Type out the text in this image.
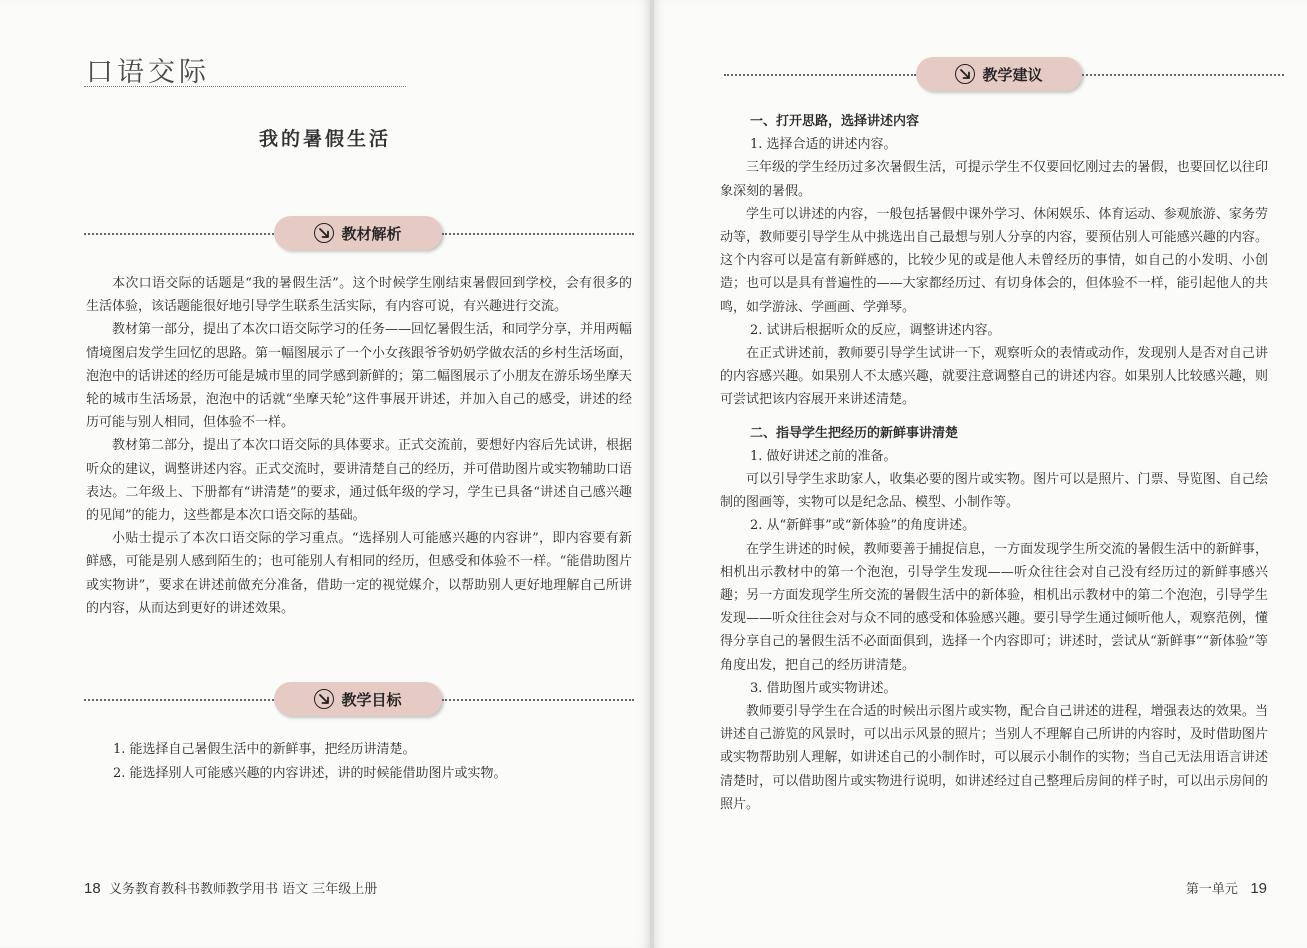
口语交际
我的暑假生活
教材解析

本次口语交际的话题是“我的暑假生活”。这个时候学生刚结束暑假回到学校，会有很多的生活体验，该话题能很好地引导学生联系生活实际，有内容可说，有兴趣进行交流。

教材第一部分，提出了本次口语交际学习的任务——回忆暑假生活，和同学分享，并用两幅情境图启发学生回忆的思路。第一幅图展示了一个小女孩跟爷爷奶奶学做农活的乡村生活场面，泡泡中的话讲述的经历可能是城市里的同学感到新鲜的；第二幅图展示了小朋友在游乐场坐摩天轮的城市生活场景，泡泡中的话就“坐摩天轮”这件事展开讲述，并加入自己的感受，讲述的经历可能与别人相同，但体验不一样。

教材第二部分，提出了本次口语交际的具体要求。正式交流前，要想好内容后先试讲，根据听众的建议，调整讲述内容。正式交流时，要讲清楚自己的经历，并可借助图片或实物辅助口语表达。二年级上、下册都有“讲清楚”的要求，通过低年级的学习，学生已具备“讲述自己感兴趣的见闻”的能力，这些都是本次口语交际的基础。

小贴士提示了本次口语交际的学习重点。“选择别人可能感兴趣的内容讲”，即内容要有新鲜感，可能是别人感到陌生的；也可能别人有相同的经历，但感受和体验不一样。“能借助图片或实物讲”，要求在讲述前做充分准备，借助一定的视觉媒介，以帮助别人更好地理解自己所讲的内容，从而达到更好的讲述效果。

教学目标

1. 能选择自己暑假生活中的新鲜事，把经历讲清楚。

2. 能选择别人可能感兴趣的内容讲述，讲的时候能借助图片或实物。

18 义务教育教科书教师教学用书 语文 三年级上册

教学建议

一、打开思路，选择讲述内容

1. 选择合适的讲述内容。

三年级的学生经历过多次暑假生活，可提示学生不仅要回忆刚过去的暑假，也要回忆以往印象深刻的暑假。

学生可以讲述的内容，一般包括暑假中课外学习、休闲娱乐、体育运动、参观旅游、家务劳动等，教师要引导学生从中挑选出自己最想与别人分享的内容，要预估别人可能感兴趣的内容。这个内容可以是富有新鲜感的，比较少见的或是他人未曾经历的事情，如自己的小发明、小创造；也可以是具有普遍性的——大家都经历过、有切身体会的，但体验不一样，能引起他人的共鸣，如学游泳、学画画、学弹琴。

2. 试讲后根据听众的反应，调整讲述内容。

在正式讲述前，教师要引导学生试讲一下，观察听众的表情或动作，发现别人是否对自己讲的内容感兴趣。如果别人不太感兴趣，就要注意调整自己的讲述内容。如果别人比较感兴趣，则可尝试把该内容展开来讲述清楚。

二、指导学生把经历的新鲜事讲清楚

1. 做好讲述之前的准备。

可以引导学生求助家人，收集必要的图片或实物。图片可以是照片、门票、导览图、自己绘制的图画等，实物可以是纪念品、模型、小制作等。

2. 从“新鲜事”或“新体验”的角度讲述。

在学生讲述的时候，教师要善于捕捉信息，一方面发现学生所交流的暑假生活中的新鲜事，相机出示教材中的第一个泡泡，引导学生发现——听众往往会对自己没有经历过的新鲜事感兴趣；另一方面发现学生所交流的暑假生活中的新体验，相机出示教材中的第二个泡泡，引导学生发现——听众往往会对与众不同的感受和体验感兴趣。要引导学生通过倾听他人，观察范例，懂得分享自己的暑假生活不必面面俱到，选择一个内容即可；讲述时，尝试从“新鲜事”“新体验”等角度出发，把自己的经历讲清楚。

3. 借助图片或实物讲述。

教师要引导学生在合适的时候出示图片或实物，配合自己讲述的进程，增强表达的效果。当讲述自己游览的风景时，可以出示风景的照片；当别人不理解自己所讲的内容时，及时借助图片或实物帮助别人理解，如讲述自己的小制作时，可以展示小制作的实物；当自己无法用语言讲述清楚时，可以借助图片或实物进行说明，如讲述经过自己整理后房间的样子时，可以出示房间的照片。

第一单元 19
